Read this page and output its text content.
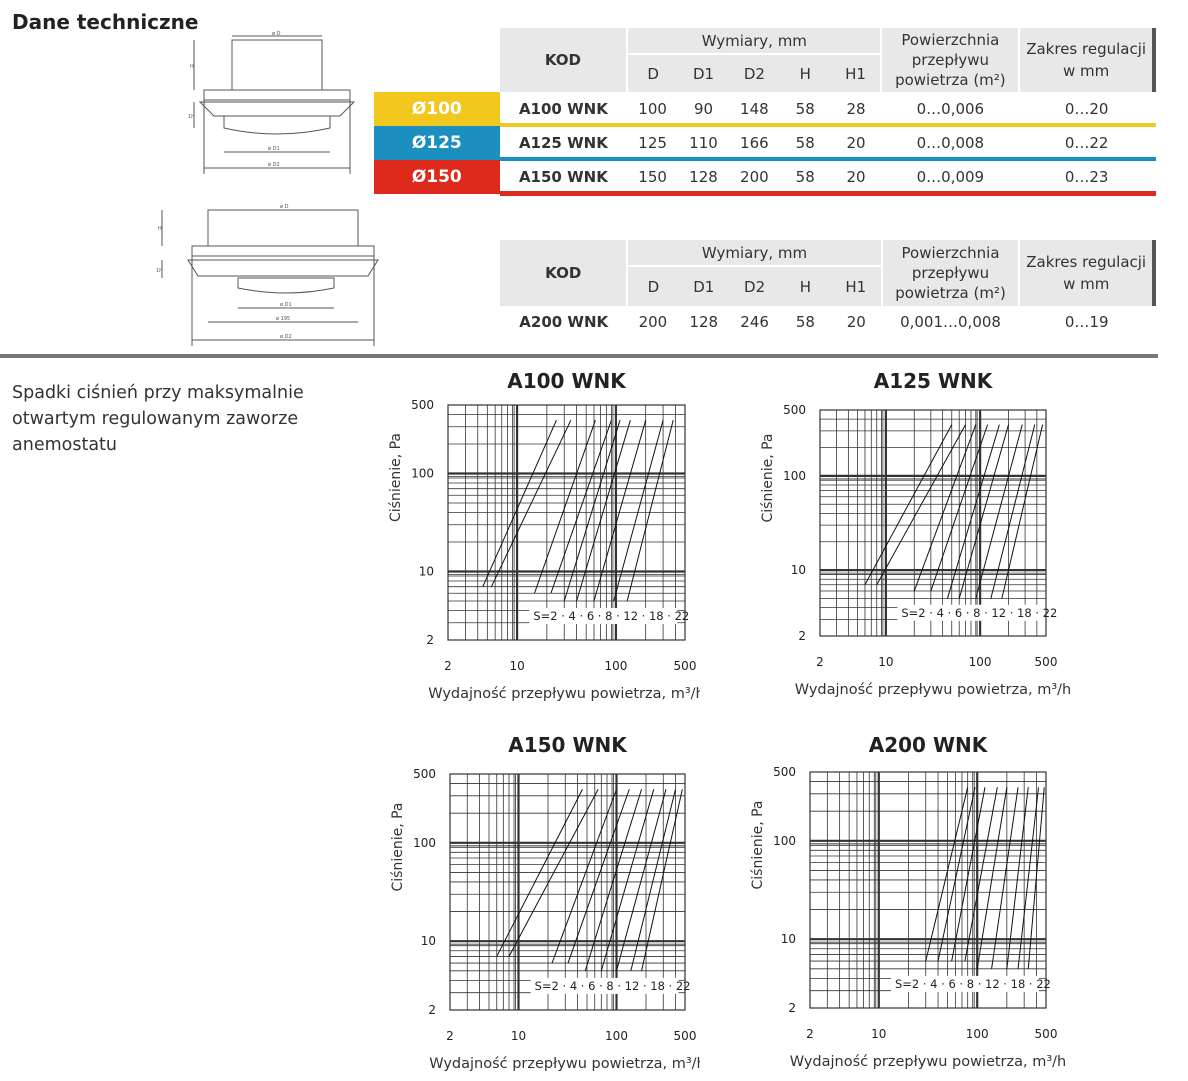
Dane techniczne	ø D
H
1H
ø D1
ø D2
ø D
H
1H
ø D1
ø 195
ø D2
	KOD	Wymiary, mm					Powierzchnia przepływu powietrza (m²)	Zakres regulacji w mm
		D	D1	D2	H	H1		
Ø100	A100 WNK	100	90	148	58	28	0…0,006	0…20
Ø125	A125 WNK	125	110	166	58	20	0…0,008	0…22
Ø150	A150 WNK	150	128	200	58	20	0…0,009	0…23
KOD	Wymiary, mm					Powierzchnia przepływu powietrza (m²)	Zakres regulacji w mm
	D	D1	D2	H	H1		
A200 WNK	200	128	246	58	20	0,001…0,008	0…19
Spadki ciśnień przy maksymalnie otwartym regulowanym zaworze anemostatu
A100 WNK
S=2 · 4 · 6 · 8 · 12 · 18 · 22
500
100
10
2
2	10	100	500
Ciśnienie, Pa
Wydajność przepływu powietrza, m³/h
A125 WNK
S=2 · 4 · 6 · 8 · 12 · 18 · 22
500
100
10
2
2	10	100	500
Ciśnienie, Pa
Wydajność przepływu powietrza, m³/h
A150 WNK
S=2 · 4 · 6 · 8 · 12 · 18 · 22
500
100
10
2
2	10	100	500
Ciśnienie, Pa
Wydajność przepływu powietrza, m³/h
A200 WNK
S=2 · 4 · 6 · 8 · 12 · 18 · 22
500
100
10
2
2	10	100	500
Ciśnienie, Pa
Wydajność przepływu powietrza, m³/h
